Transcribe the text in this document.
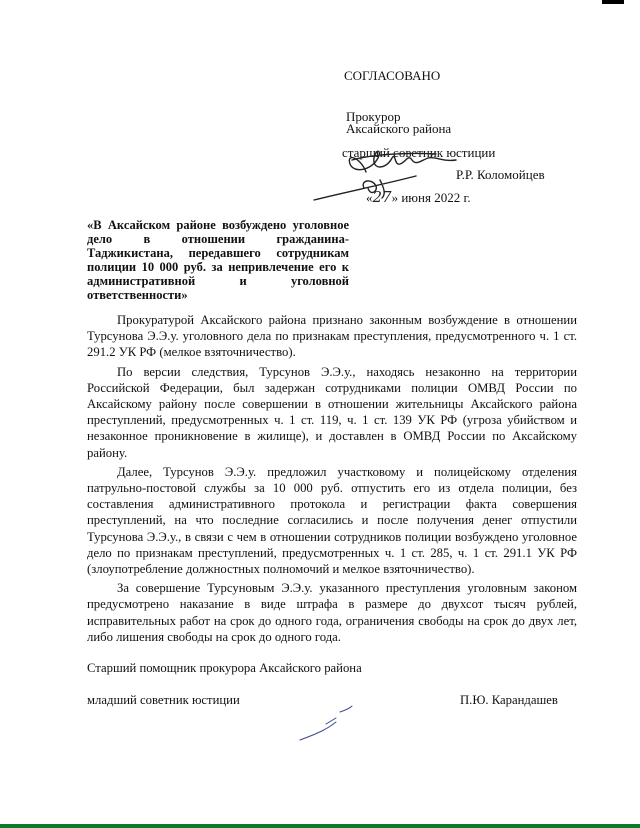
СОГЛАСОВАНО
Прокурор
Аксайского района
старший советник юстиции
Р.Р. Коломойцев
«27» июня 2022 г.
«В Аксайском районе возбуждено уголовное дело в отношении гражданина-Таджикистана, передавшего сотрудникам полиции 10 000 руб. за непривлечение его к административной и уголовной ответственности»

Прокуратурой Аксайского района признано законным возбуждение в отношении Турсунова Э.Э.у. уголовного дела по признакам преступления, предусмотренного ч. 1 ст. 291.2 УК РФ (мелкое взяточничество).

По версии следствия, Турсунов Э.Э.у., находясь незаконно на территории Российской Федерации, был задержан сотрудниками полиции ОМВД России по Аксайскому району после совершении в отношении жительницы Аксайского района преступлений, предусмотренных ч. 1 ст. 119, ч. 1 ст. 139 УК РФ (угроза убийством и незаконное проникновение в жилище), и доставлен в ОМВД России по Аксайскому району.

Далее, Турсунов Э.Э.у. предложил участковому и полицейскому отделения патрульно-постовой службы за 10 000 руб. отпустить его из отдела полиции, без составления административного протокола и регистрации факта совершения преступлений, на что последние согласились и после получения денег отпустили Турсунова Э.Э.у., в связи с чем в отношении сотрудников полиции возбуждено уголовное дело по признакам преступлений, предусмотренных ч. 1 ст. 285, ч. 1 ст. 291.1 УК РФ (злоупотребление должностных полномочий и мелкое взяточничество).

За совершение Турсуновым Э.Э.у. указанного преступления уголовным законом предусмотрено наказание в виде штрафа в размере до двухсот тысяч рублей, исправительных работ на срок до одного года, ограничения свободы на срок до двух лет, либо лишения свободы на срок до одного года.

Старший помощник прокурора Аксайского района
младший советник юстиции	П.Ю. Карандашев
